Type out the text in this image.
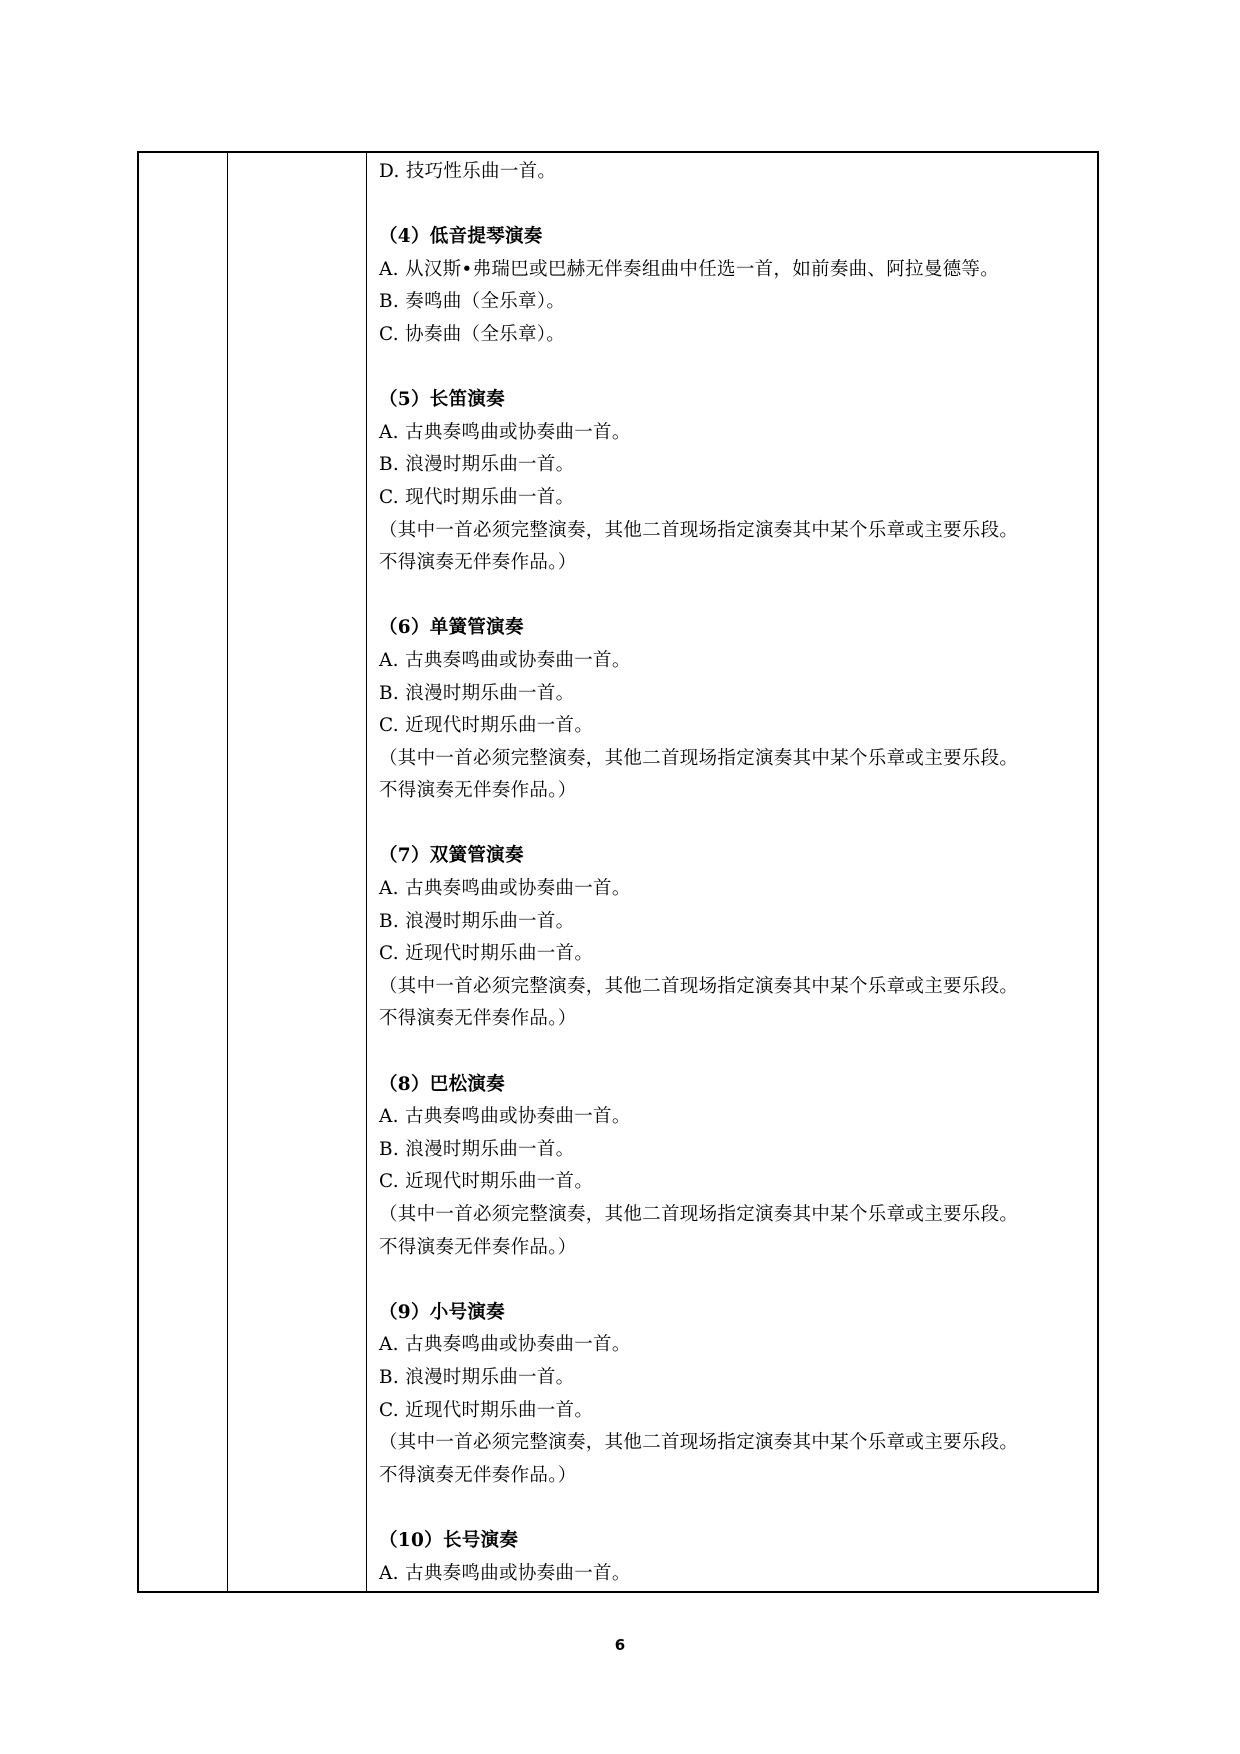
D. 技巧性乐曲一首。
（4）低音提琴演奏
A. 从汉斯•弗瑞巴或巴赫无伴奏组曲中任选一首，如前奏曲、阿拉曼德等。
B. 奏鸣曲（全乐章）。
C. 协奏曲（全乐章）。
（5）长笛演奏
A. 古典奏鸣曲或协奏曲一首。
B. 浪漫时期乐曲一首。
C. 现代时期乐曲一首。
（其中一首必须完整演奏，其他二首现场指定演奏其中某个乐章或主要乐段。
不得演奏无伴奏作品。）
（6）单簧管演奏
A. 古典奏鸣曲或协奏曲一首。
B. 浪漫时期乐曲一首。
C. 近现代时期乐曲一首。
（其中一首必须完整演奏，其他二首现场指定演奏其中某个乐章或主要乐段。
不得演奏无伴奏作品。）
（7）双簧管演奏
A. 古典奏鸣曲或协奏曲一首。
B. 浪漫时期乐曲一首。
C. 近现代时期乐曲一首。
（其中一首必须完整演奏，其他二首现场指定演奏其中某个乐章或主要乐段。
不得演奏无伴奏作品。）
（8）巴松演奏
A. 古典奏鸣曲或协奏曲一首。
B. 浪漫时期乐曲一首。
C. 近现代时期乐曲一首。
（其中一首必须完整演奏，其他二首现场指定演奏其中某个乐章或主要乐段。
不得演奏无伴奏作品。）
（9）小号演奏
A. 古典奏鸣曲或协奏曲一首。
B. 浪漫时期乐曲一首。
C. 近现代时期乐曲一首。
（其中一首必须完整演奏，其他二首现场指定演奏其中某个乐章或主要乐段。
不得演奏无伴奏作品。）
（10）长号演奏
A. 古典奏鸣曲或协奏曲一首。
6
